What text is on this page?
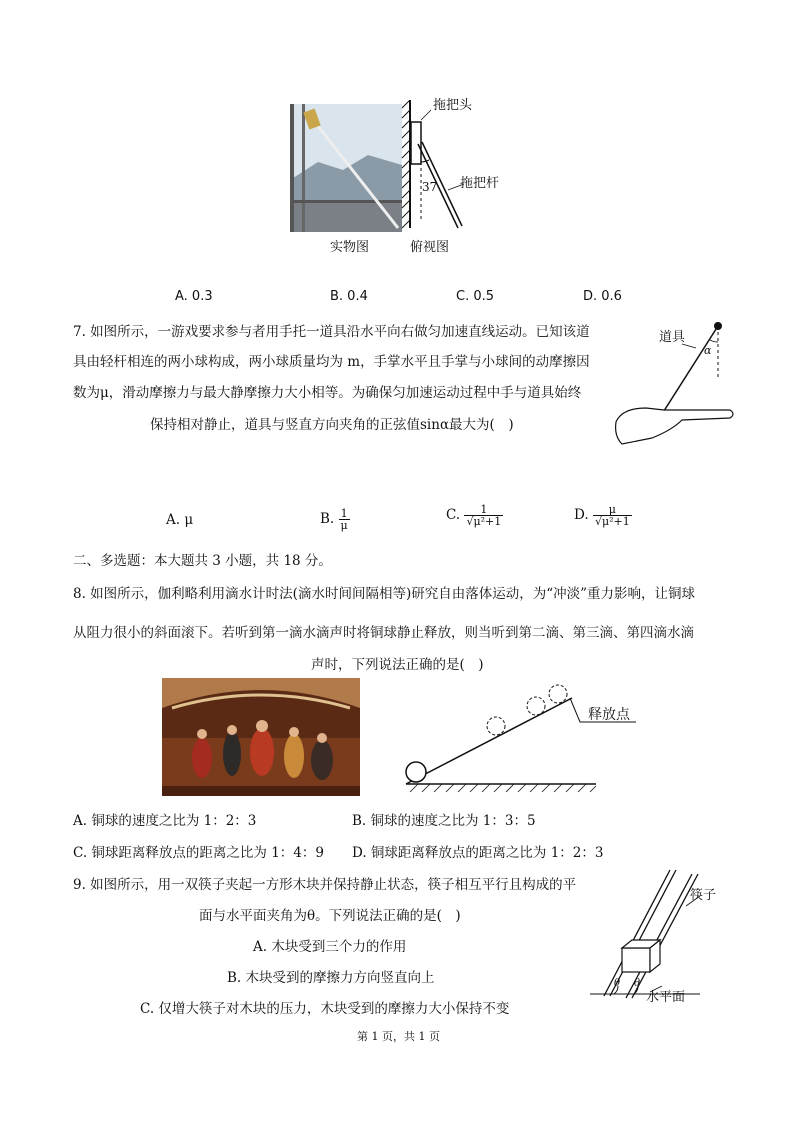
拖把头
37 拖把杆
实物图	俯视图
A. 0.3	B. 0.4	C. 0.5	D. 0.6
7. 如图所示，一游戏要求参与者用手托一道具沿水平向右做匀加速直线运动。已知该道
具由轻杆相连的两小球构成，两小球质量均为 m，手掌水平且手掌与小球间的动摩擦因
数为μ，滑动摩擦力与最大静摩擦力大小相等。为确保匀加速运动过程中手与道具始终
保持相对静止，道具与竖直方向夹角的正弦值sinα最大为(　)
道具
α
A. μ	B. $\frac{1}{\mu}$	C. $\frac{1}{\text{√μ²+1}}$	D. $\frac{\mu}{\text{√μ²+1}}$
二、多选题：本大题共 3 小题，共 18 分。
8. 如图所示，伽利略利用滴水计时法(滴水时间间隔相等)研究自由落体运动，为“冲淡”重力影响，让铜球
从阻力很小的斜面滚下。若听到第一滴水滴声时将铜球静止释放，则当听到第二滴、第三滴、第四滴水滴
声时，下列说法正确的是(　)
释放点
A. 铜球的速度之比为 1：2：3	B. 铜球的速度之比为 1：3：5
C. 铜球距离释放点的距离之比为 1：4：9 D. 铜球距离释放点的距离之比为 1：2：3
9. 如图所示，用一双筷子夹起一方形木块并保持静止状态，筷子相互平行且构成的平
面与水平面夹角为θ。下列说法正确的是(　)
A. 木块受到三个力的作用
B. 木块受到的摩擦力方向竖直向上
C. 仅增大筷子对木块的压力，木块受到的摩擦力大小保持不变
筷子
水平面
θ θ
第 1 页，共 1 页
